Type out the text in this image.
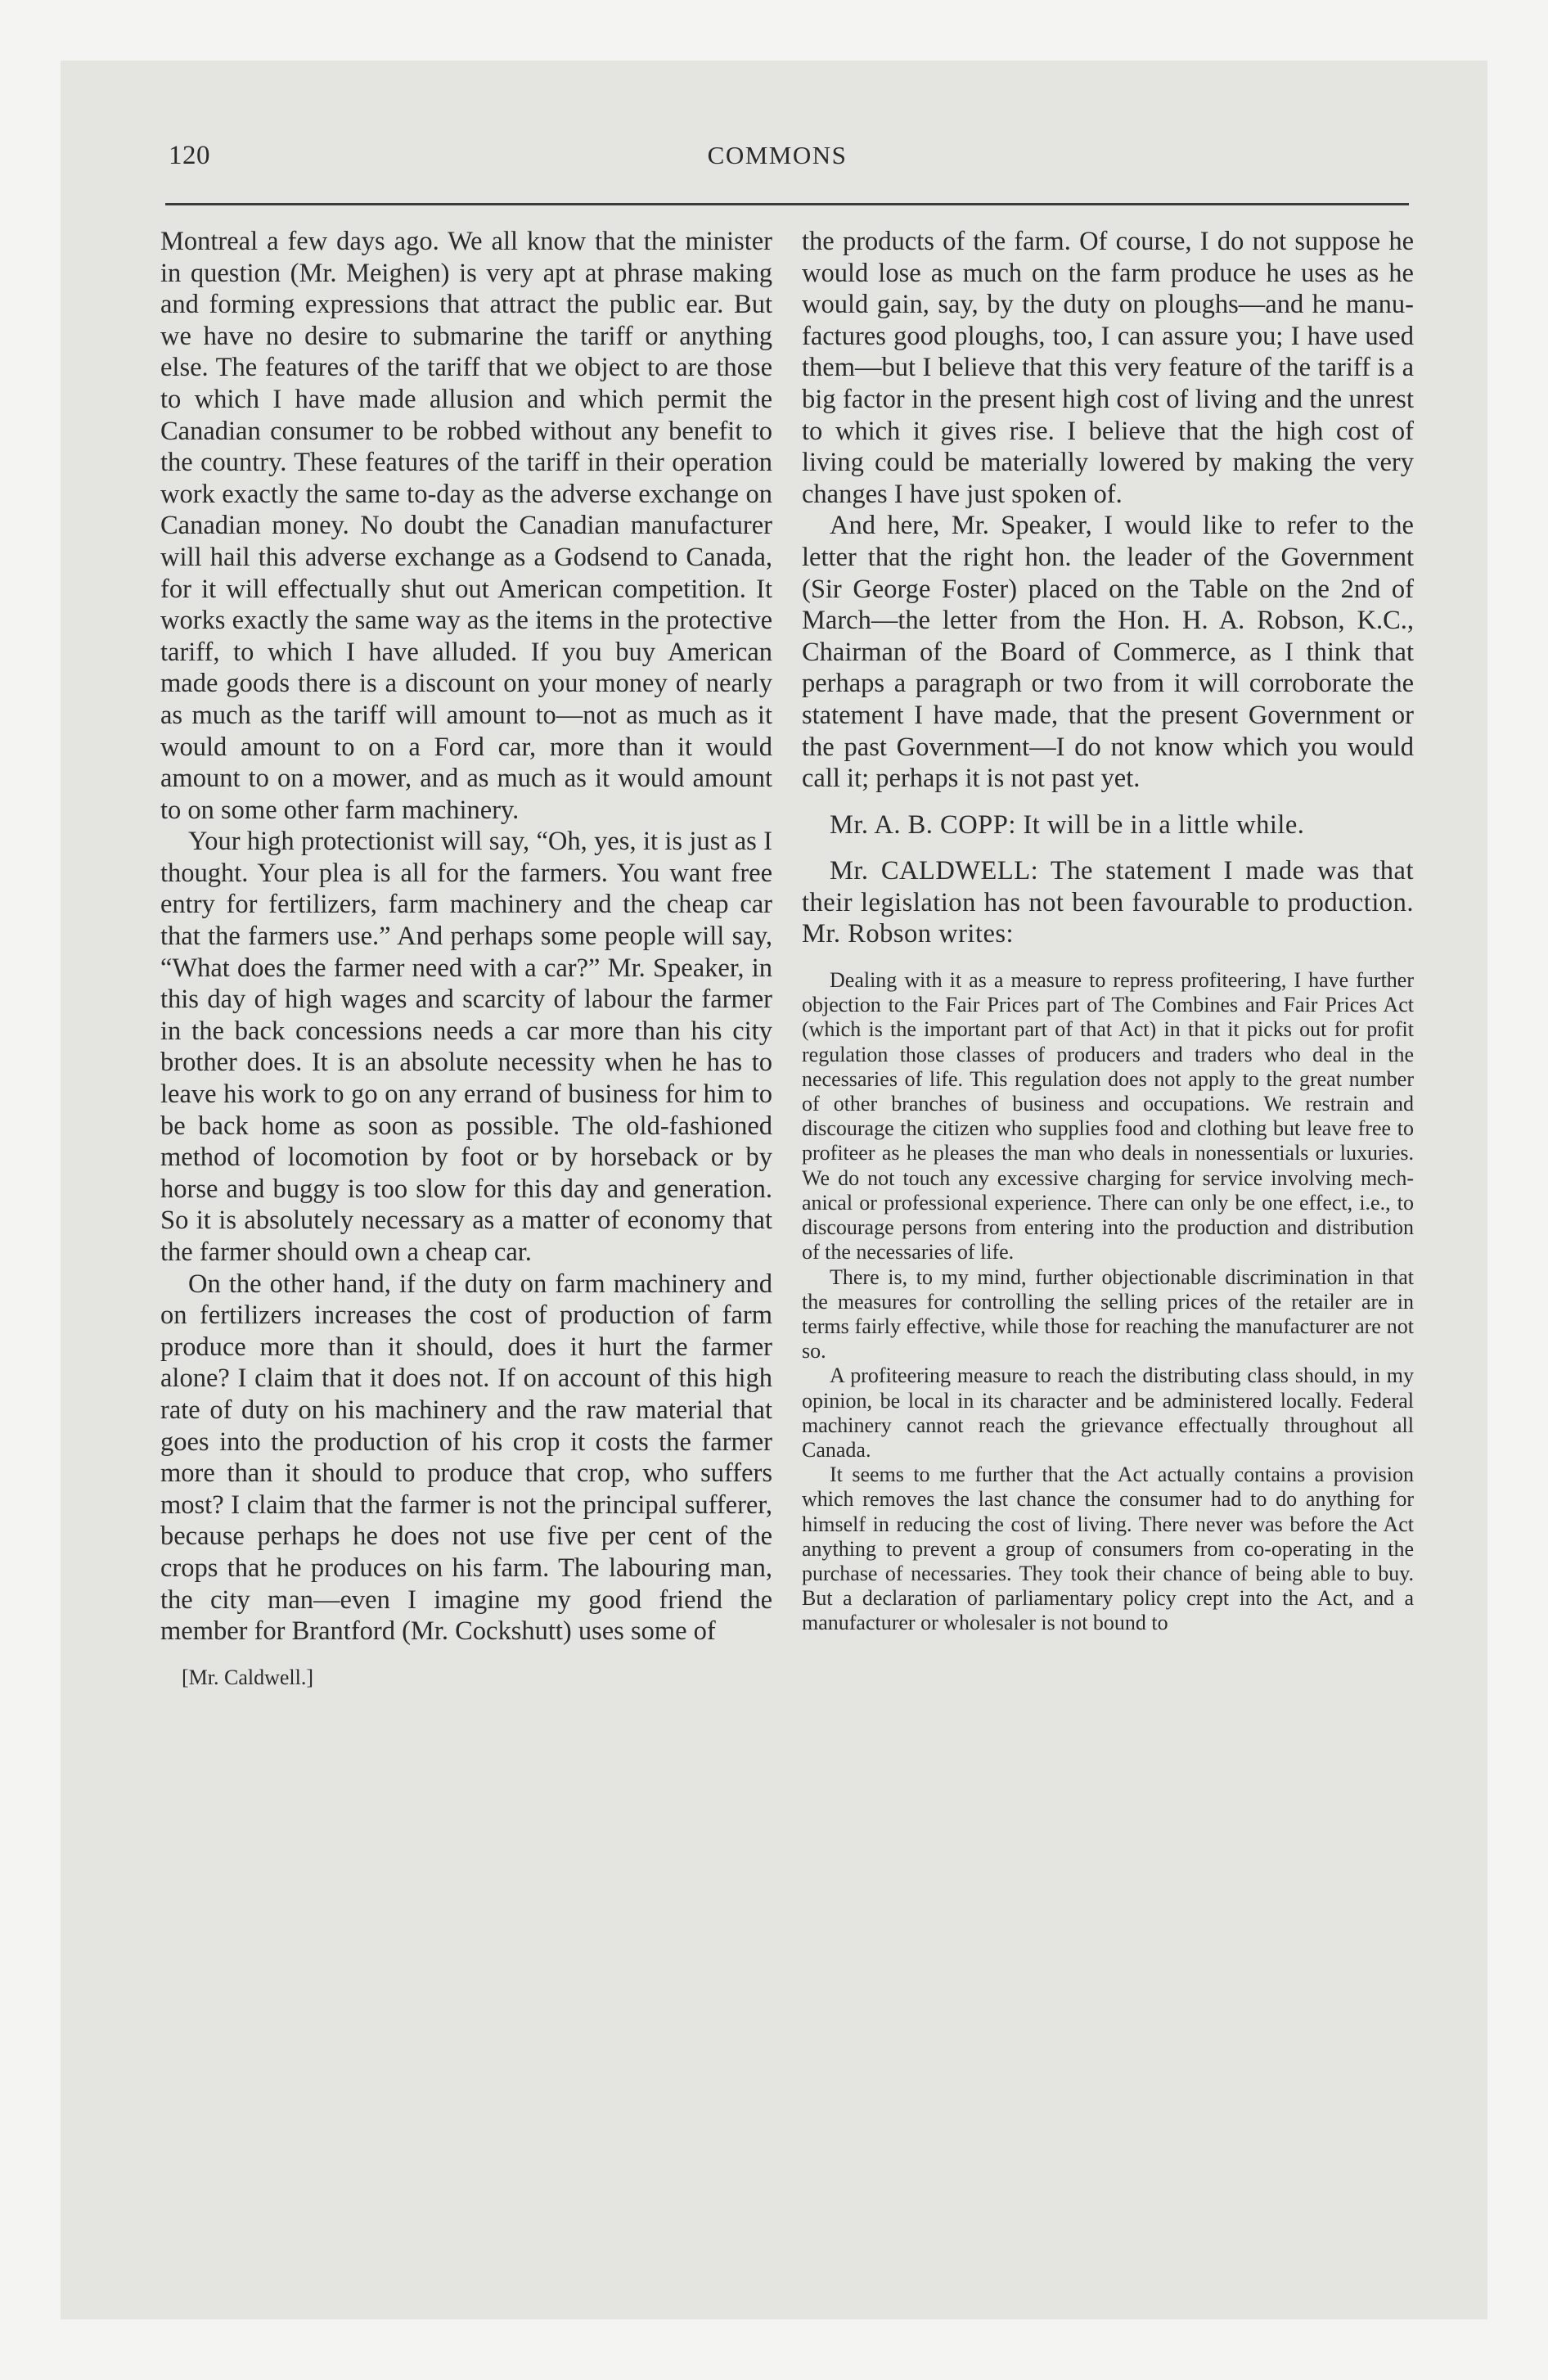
120	COMMONS

Montreal a few days ago. We all know that the minister in question (Mr. Meighen) is very apt at phrase making and forming expressions that attract the public ear. But we have no desire to submarine the tariff or anything else. The features of the tariff that we object to are those to which I have made allusion and which permit the Canadian consumer to be robbed without any benefit to the country. These features of the tariff in their operation work exactly the same to-day as the adverse exchange on Canadian money. No doubt the Canadian manufacturer will hail this adverse exchange as a Godsend to Canada, for it will effectually shut out American competition. It works exactly the same way as the items in the protective tariff, to which I have alluded. If you buy American made goods there is a discount on your money of nearly as much as the tariff will amount to—not as much as it would amount to on a Ford car, more than it would amount to on a mower, and as much as it would amount to on some other farm machinery.

Your high protectionist will say, “Oh, yes, it is just as I thought. Your plea is all for the farmers. You want free entry for fertilizers, farm machinery and the cheap car that the farmers use.” And perhaps some people will say, “What does the farmer need with a car?” Mr. Speaker, in this day of high wages and scarcity of labour the farmer in the back concessions needs a car more than his city brother does. It is an absolute necessity when he has to leave his work to go on any errand of business for him to be back home as soon as possible. The old-fashioned method of locomotion by foot or by horseback or by horse and buggy is too slow for this day and generation. So it is absolutely necessary as a matter of economy that the farmer should own a cheap car.

On the other hand, if the duty on farm machinery and on fertilizers increases the cost of production of farm produce more than it should, does it hurt the farmer alone? I claim that it does not. If on account of this high rate of duty on his machinery and the raw material that goes into the production of his crop it costs the farmer more than it should to produce that crop, who suffers most? I claim that the farmer is not the principal sufferer, because perhaps he does not use five per cent of the crops that he produces on his farm. The labouring man, the city man—even I imagine my good friend the member for Brantford (Mr. Cockshutt) uses some of

[Mr. Caldwell.]

the products of the farm. Of course, I do not suppose he would lose as much on the farm produce he uses as he would gain, say, by the duty on ploughs—and he manufactures good ploughs, too, I can assure you; I have used them—but I believe that this very feature of the tariff is a big factor in the present high cost of living and the unrest to which it gives rise. I believe that the high cost of living could be materially lowered by making the very changes I have just spoken of.

And here, Mr. Speaker, I would like to refer to the letter that the right hon. the leader of the Government (Sir George Foster) placed on the Table on the 2nd of March—the letter from the Hon. H. A. Robson, K.C., Chairman of the Board of Commerce, as I think that perhaps a paragraph or two from it will corroborate the statement I have made, that the present Government or the past Government—I do not know which you would call it; perhaps it is not past yet.

Mr. A. B. COPP: It will be in a little while.

Mr. CALDWELL: The statement I made was that their legislation has not been favourable to production. Mr. Robson writes:

Dealing with it as a measure to repress profiteering, I have further objection to the Fair Prices part of The Combines and Fair Prices Act (which is the important part of that Act) in that it picks out for profit regulation those classes of producers and traders who deal in the necessaries of life. This regulation does not apply to the great number of other branches of business and occupations. We restrain and discourage the citizen who supplies food and clothing but leave free to profiteer as he pleases the man who deals in nonessentials or luxuries. We do not touch any excessive charging for service involving mechanical or professional experience. There can only be one effect, i.e., to discourage persons from entering into the production and distribution of the necessaries of life.

There is, to my mind, further objectionable discrimination in that the measures for controlling the selling prices of the retailer are in terms fairly effective, while those for reaching the manufacturer are not so.

A profiteering measure to reach the distributing class should, in my opinion, be local in its character and be administered locally. Federal machinery cannot reach the grievance effectually throughout all Canada.

It seems to me further that the Act actually contains a provision which removes the last chance the consumer had to do anything for himself in reducing the cost of living. There never was before the Act anything to prevent a group of consumers from co-operating in the purchase of necessaries. They took their chance of being able to buy. But a declaration of parliamentary policy crept into the Act, and a manufacturer or wholesaler is not bound to
